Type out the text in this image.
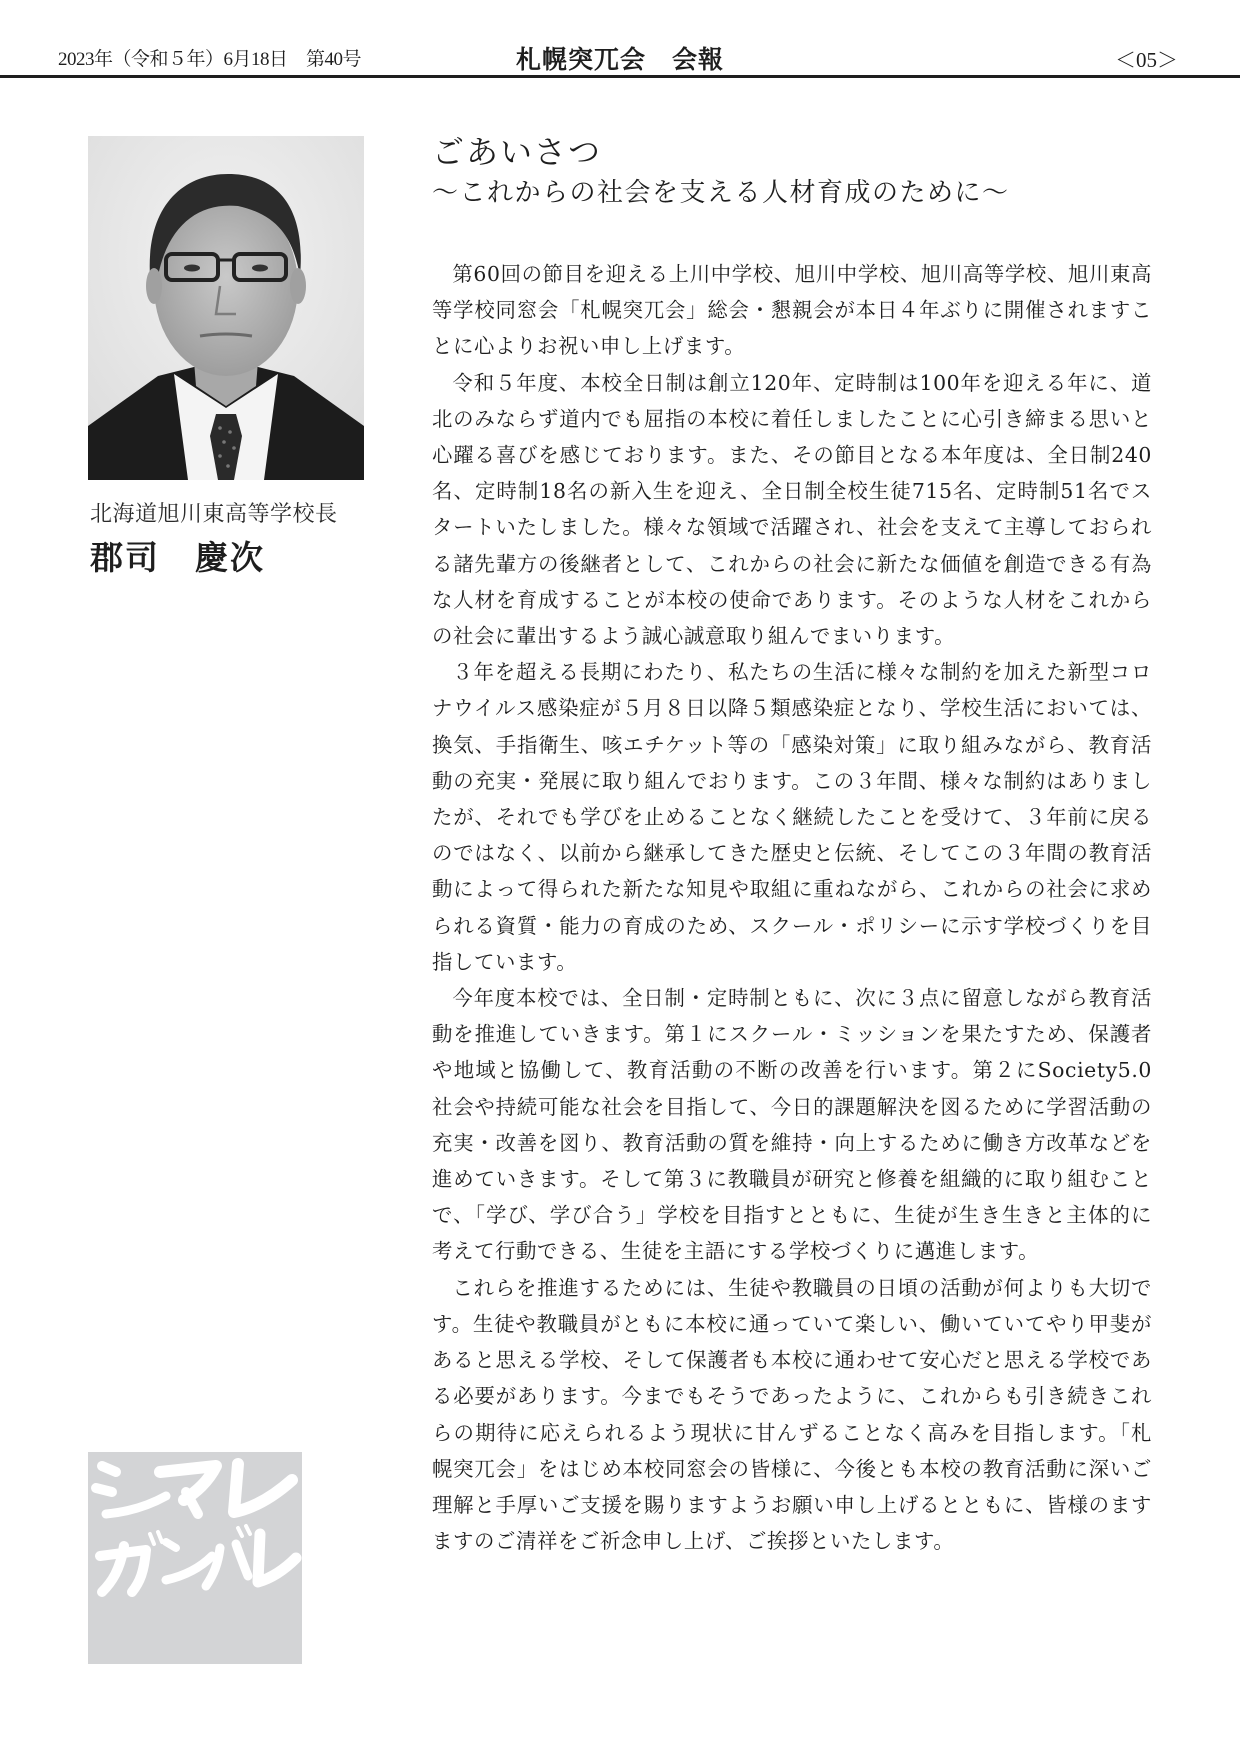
2023年（令和５年）6月18日　第40号	札幌突兀会　会報	＜05＞
北海道旭川東高等学校長
郡司　慶次
ごあいさつ
～これからの社会を支える人材育成のために～

第60回の節目を迎える上川中学校、旭川中学校、旭川高等学校、旭川東高等学校同窓会「札幌突兀会」総会・懇親会が本日４年ぶりに開催されますことに心よりお祝い申し上げます。

令和５年度、本校全日制は創立120年、定時制は100年を迎える年に、道北のみならず道内でも屈指の本校に着任しましたことに心引き締まる思いと心躍る喜びを感じております。また、その節目となる本年度は、全日制240名、定時制18名の新入生を迎え、全日制全校生徒715名、定時制51名でスタートいたしました。様々な領域で活躍され、社会を支えて主導しておられる諸先輩方の後継者として、これからの社会に新たな価値を創造できる有為な人材を育成することが本校の使命であります。そのような人材をこれからの社会に輩出するよう誠心誠意取り組んでまいります。

３年を超える長期にわたり、私たちの生活に様々な制約を加えた新型コロナウイルス感染症が５月８日以降５類感染症となり、学校生活においては、換気、手指衛生、咳エチケット等の「感染対策」に取り組みながら、教育活動の充実・発展に取り組んでおります。この３年間、様々な制約はありましたが、それでも学びを止めることなく継続したことを受けて、３年前に戻るのではなく、以前から継承してきた歴史と伝統、そしてこの３年間の教育活動によって得られた新たな知見や取組に重ねながら、これからの社会に求められる資質・能力の育成のため、スクール・ポリシーに示す学校づくりを目指しています。

今年度本校では、全日制・定時制ともに、次に３点に留意しながら教育活動を推進していきます。第１にスクール・ミッションを果たすため、保護者や地域と協働して、教育活動の不断の改善を行います。第２にSociety5.0社会や持続可能な社会を目指して、今日的課題解決を図るために学習活動の充実・改善を図り、教育活動の質を維持・向上するために働き方改革などを進めていきます。そして第３に教職員が研究と修養を組織的に取り組むことで、「学び、学び合う」学校を目指すとともに、生徒が生き生きと主体的に考えて行動できる、生徒を主語にする学校づくりに邁進します。

これらを推進するためには、生徒や教職員の日頃の活動が何よりも大切です。生徒や教職員がともに本校に通っていて楽しい、働いていてやり甲斐があると思える学校、そして保護者も本校に通わせて安心だと思える学校である必要があります。今までもそうであったように、これからも引き続きこれらの期待に応えられるよう現状に甘んずることなく高みを目指します。「札幌突兀会」をはじめ本校同窓会の皆様に、今後とも本校の教育活動に深いご理解と手厚いご支援を賜りますようお願い申し上げるとともに、皆様のますますのご清祥をご祈念申し上げ、ご挨拶といたします。
